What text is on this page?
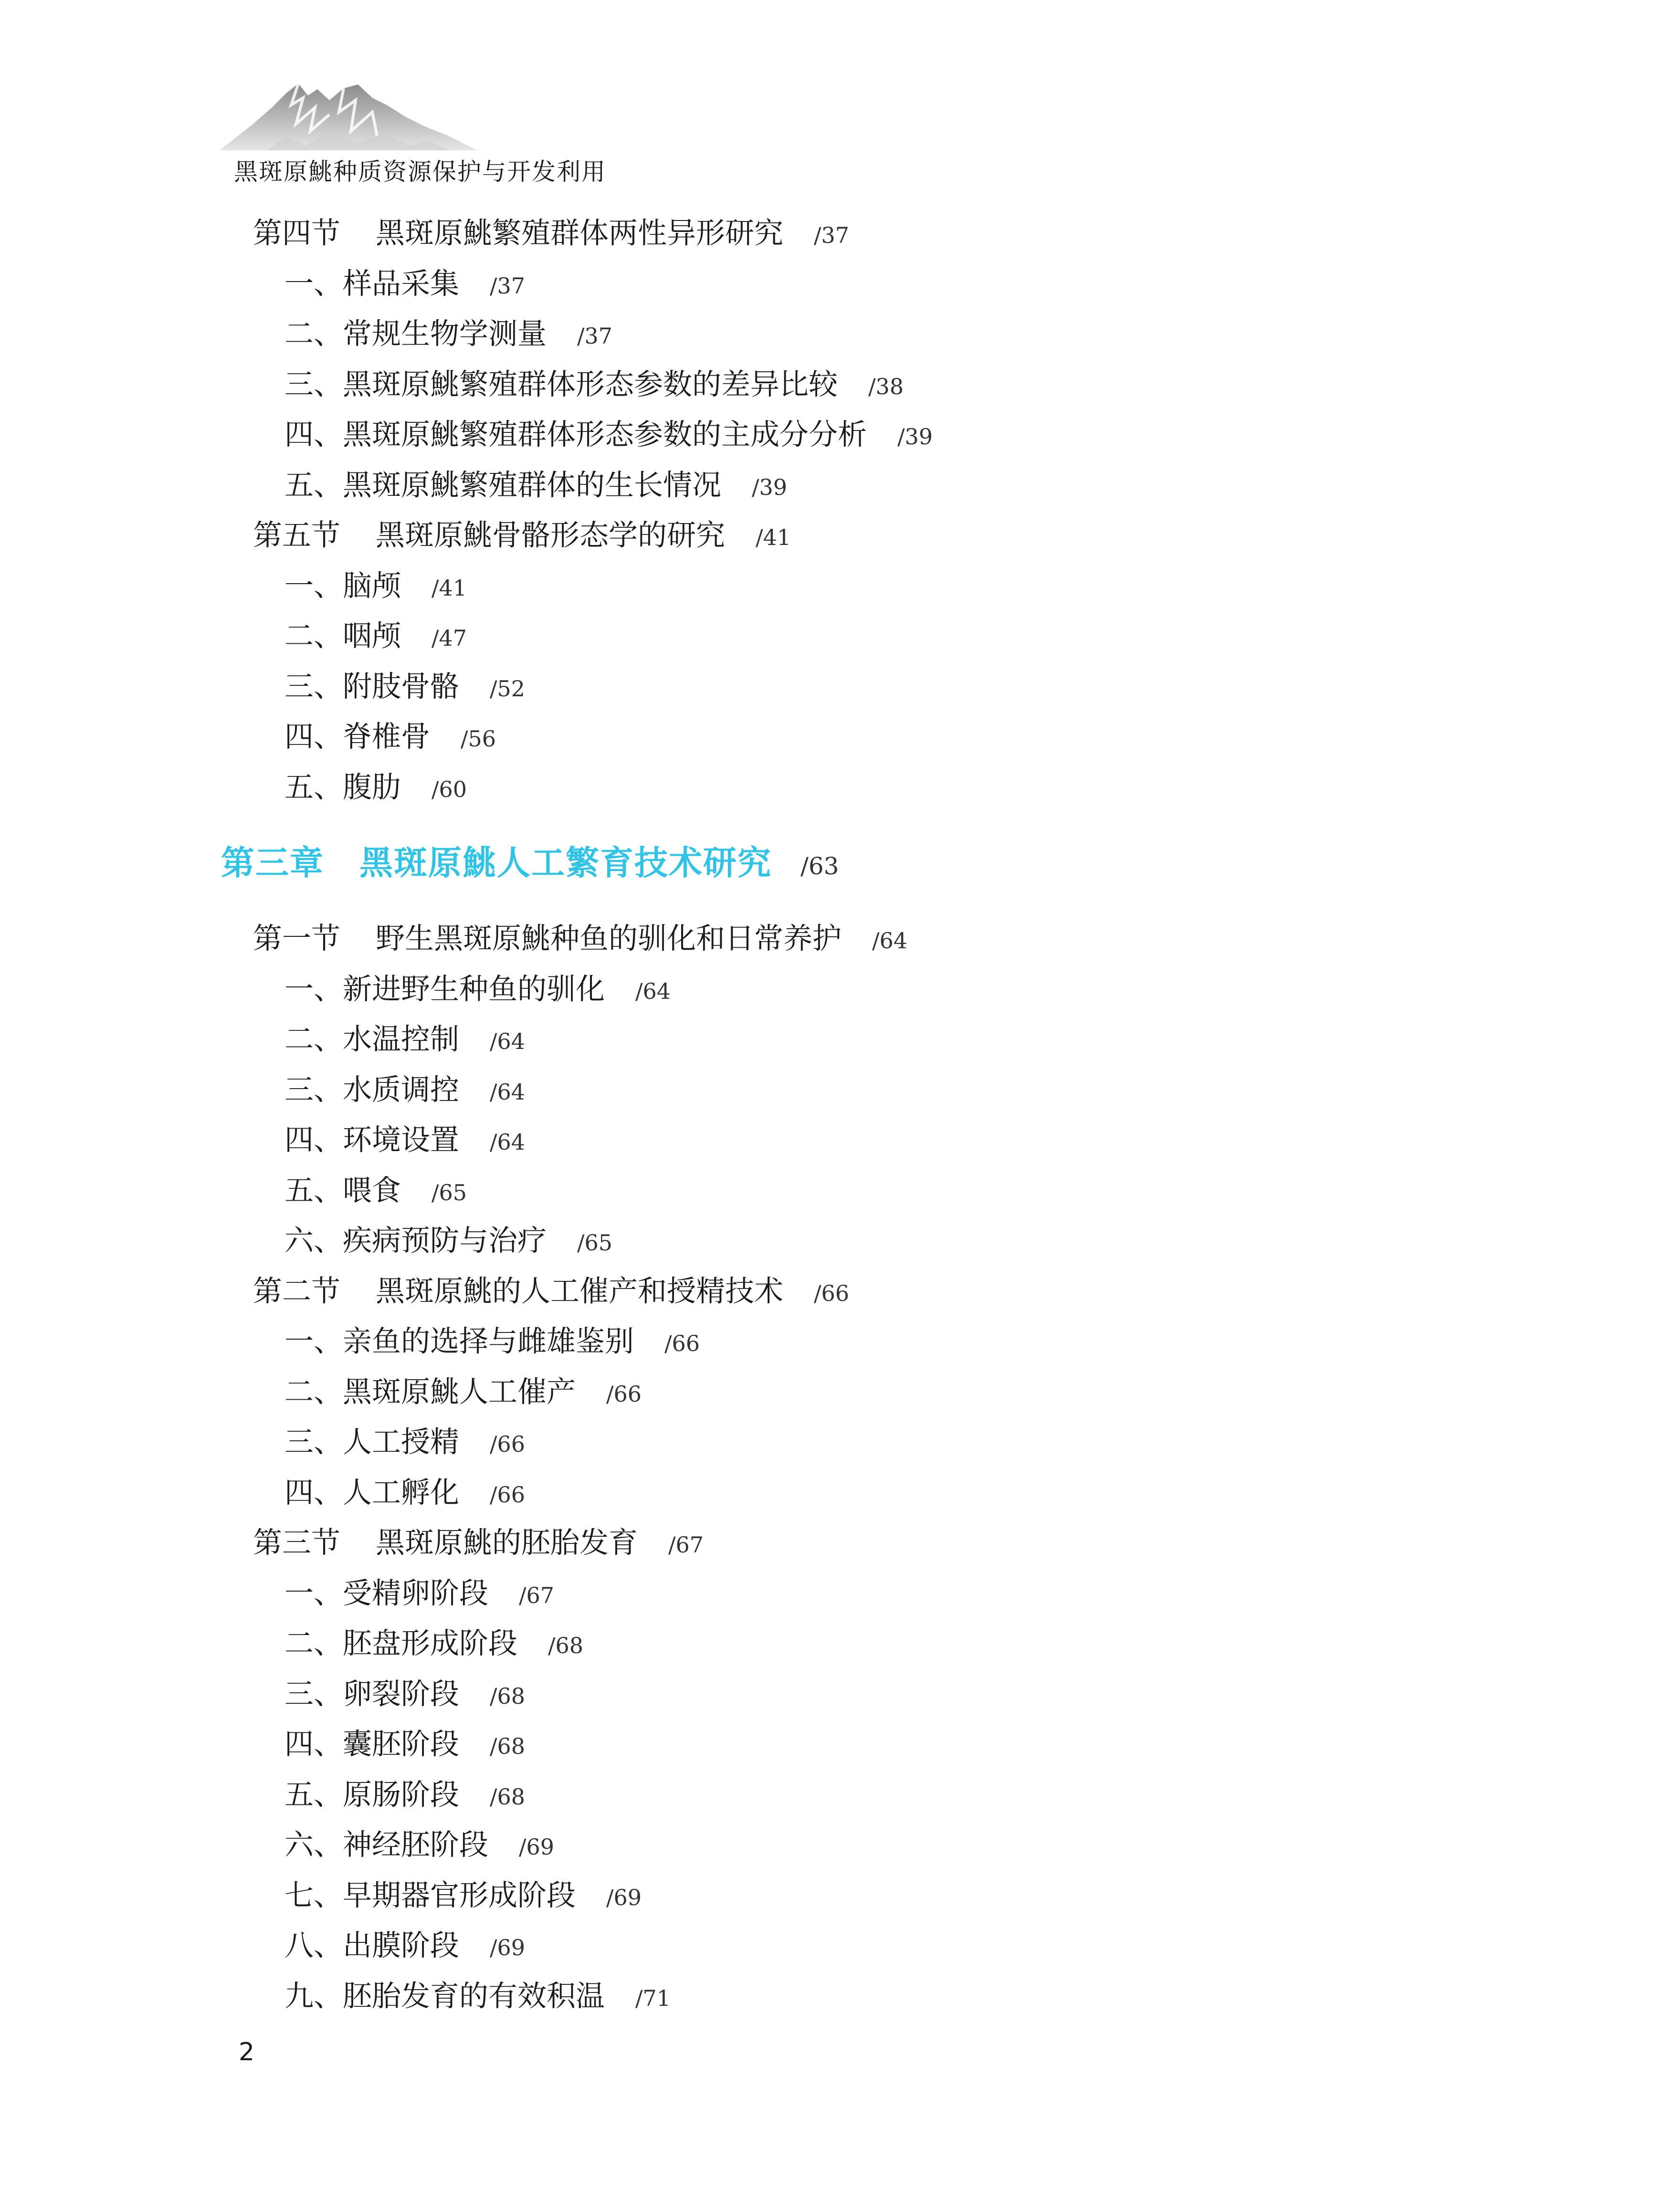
黑斑原鮡种质资源保护与开发利用
第四节 黑斑原鮡繁殖群体两性异形研究 /37
一、样品采集 /37
二、常规生物学测量 /37
三、黑斑原鮡繁殖群体形态参数的差异比较 /38
四、黑斑原鮡繁殖群体形态参数的主成分分析 /39
五、黑斑原鮡繁殖群体的生长情况 /39
第五节 黑斑原鮡骨骼形态学的研究 /41
一、脑颅 /41
二、咽颅 /47
三、附肢骨骼 /52
四、脊椎骨 /56
五、腹肋 /60
第三章 黑斑原鮡人工繁育技术研究 /63
第一节 野生黑斑原鮡种鱼的驯化和日常养护 /64
一、新进野生种鱼的驯化 /64
二、水温控制 /64
三、水质调控 /64
四、环境设置 /64
五、喂食 /65
六、疾病预防与治疗 /65
第二节 黑斑原鮡的人工催产和授精技术 /66
一、亲鱼的选择与雌雄鉴别 /66
二、黑斑原鮡人工催产 /66
三、人工授精 /66
四、人工孵化 /66
第三节 黑斑原鮡的胚胎发育 /67
一、受精卵阶段 /67
二、胚盘形成阶段 /68
三、卵裂阶段 /68
四、囊胚阶段 /68
五、原肠阶段 /68
六、神经胚阶段 /69
七、早期器官形成阶段 /69
八、出膜阶段 /69
九、胚胎发育的有效积温 /71
2
